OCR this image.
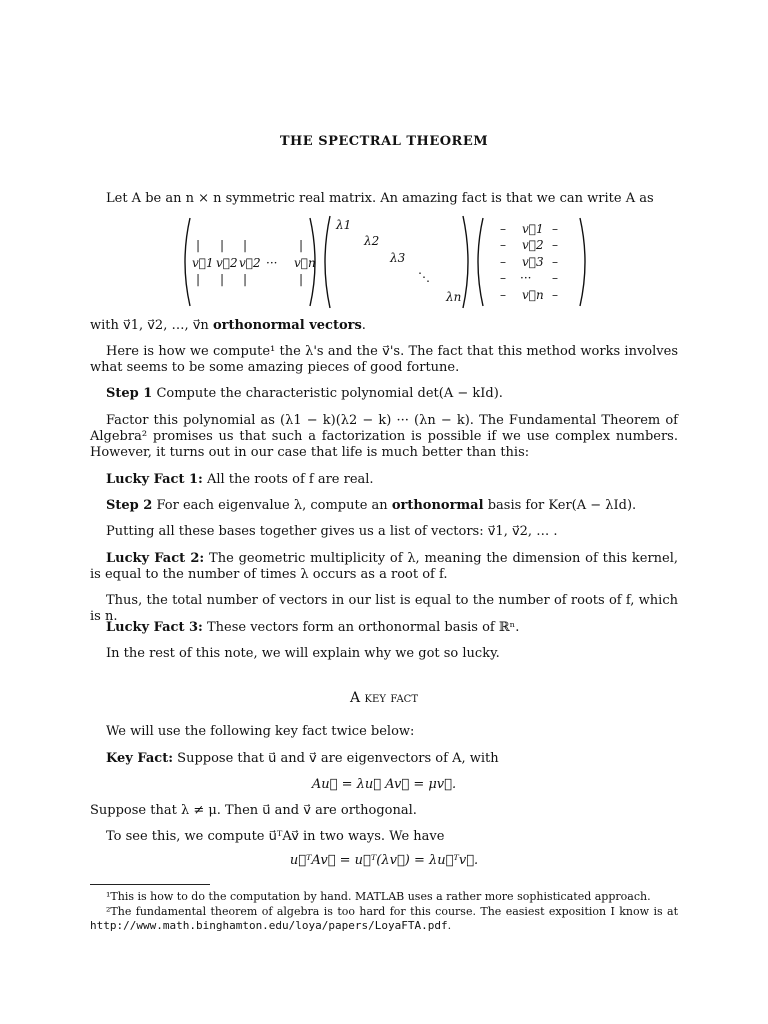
THE SPECTRAL THEOREM
Let A be an n × n symmetric real matrix. An amazing fact is that we can write A as
| | |	|
v⃗1 v⃗2 v⃗2 ··· v⃗n
| | |	|
λ1
λ2
λ3
⋱
λn
– v⃗1 –
– v⃗2 –
– v⃗3 –
– ··· –
– v⃗n –
with v⃗1, v⃗2, …, v⃗n orthonormal vectors.
Here is how we compute¹ the λ's and the v⃗'s. The fact that this method works involves what seems to be some amazing pieces of good fortune.
Step 1 Compute the characteristic polynomial det(A − kId).
Factor this polynomial as (λ1 − k)(λ2 − k) ··· (λn − k). The Fundamental Theorem of Algebra² promises us that such a factorization is possible if we use complex numbers. However, it turns out in our case that life is much better than this:
Lucky Fact 1: All the roots of f are real.
Step 2 For each eigenvalue λ, compute an orthonormal basis for Ker(A − λId).
Putting all these bases together gives us a list of vectors: v⃗1, v⃗2, … .
Lucky Fact 2: The geometric multiplicity of λ, meaning the dimension of this kernel, is equal to the number of times λ occurs as a root of f.
Thus, the total number of vectors in our list is equal to the number of roots of f, which is n.
Lucky Fact 3: These vectors form an orthonormal basis of ℝⁿ.
In the rest of this note, we will explain why we got so lucky.
A key fact
We will use the following key fact twice below:
Key Fact: Suppose that u⃗ and v⃗ are eigenvectors of A, with
Au⃗ = λu⃗ Av⃗ = μv⃗.
Suppose that λ ≠ μ. Then u⃗ and v⃗ are orthogonal.
To see this, we compute u⃗ᵀAv⃗ in two ways. We have
u⃗ᵀAv⃗ = u⃗ᵀ(λv⃗) = λu⃗ᵀv⃗.
¹This is how to do the computation by hand. MATLAB uses a rather more sophisticated approach.
²The fundamental theorem of algebra is too hard for this course. The easiest exposition I know is at http://www.math.binghamton.edu/loya/papers/LoyaFTA.pdf.
